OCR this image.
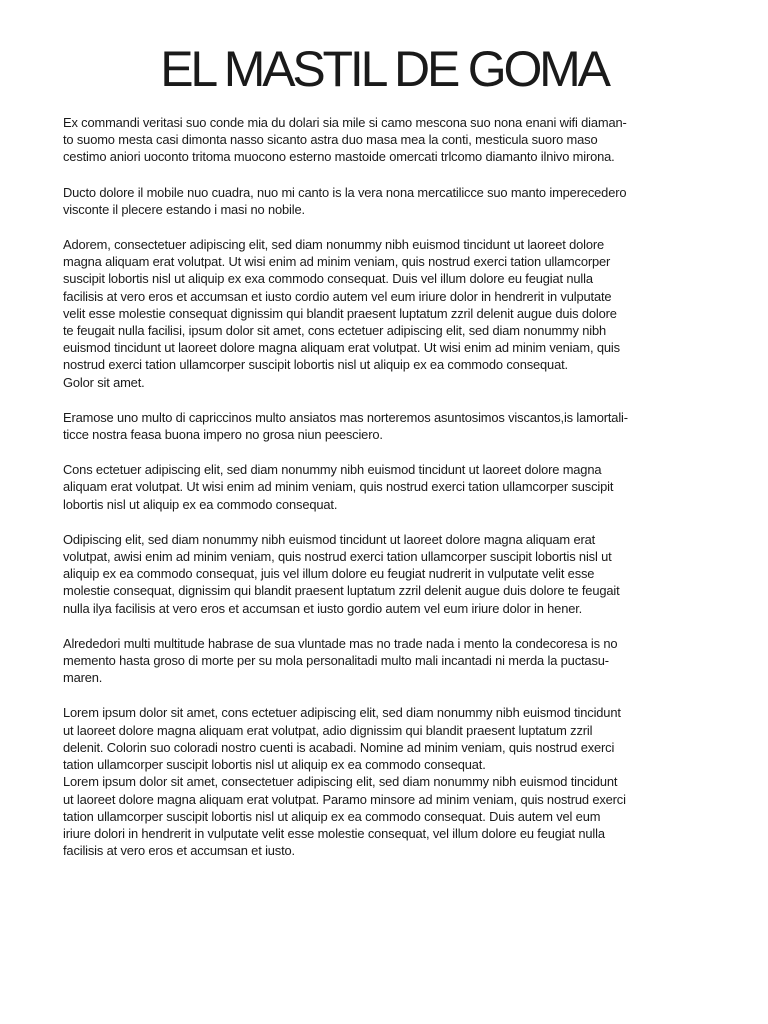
EL MASTIL DE GOMA

Ex commandi veritasi suo conde mia du dolari sia mile si camo mescona suo nona enani wifi diaman-
to suomo mesta casi dimonta nasso sicanto astra duo masa mea la conti, mesticula suoro maso
cestimo aniori uoconto tritoma muocono esterno mastoide omercati trlcomo diamanto ilnivo mirona.

Ducto dolore il mobile nuo cuadra, nuo mi canto is la vera nona mercatilicce suo manto imperecedero
visconte il plecere estando i masi no nobile.

Adorem, consectetuer adipiscing elit, sed diam nonummy nibh euismod tincidunt ut laoreet dolore
magna aliquam erat volutpat. Ut wisi enim ad minim veniam, quis nostrud exerci tation ullamcorper
suscipit lobortis nisl ut aliquip ex exa commodo consequat. Duis vel illum dolore eu feugiat nulla
facilisis at vero eros et accumsan et iusto cordio autem vel eum iriure dolor in hendrerit in vulputate
velit esse molestie consequat dignissim qui blandit praesent luptatum zzril delenit augue duis dolore
te feugait nulla facilisi, ipsum dolor sit amet, cons ectetuer adipiscing elit, sed diam nonummy nibh
euismod tincidunt ut laoreet dolore magna aliquam erat volutpat. Ut wisi enim ad minim veniam, quis
nostrud exerci tation ullamcorper suscipit lobortis nisl ut aliquip ex ea commodo consequat.
Golor sit amet.

Eramose uno multo di capriccinos multo ansiatos mas norteremos asuntosimos viscantos,is lamortali-
ticce nostra feasa buona impero no grosa niun peesciero.

Cons ectetuer adipiscing elit, sed diam nonummy nibh euismod tincidunt ut laoreet dolore magna
aliquam erat volutpat. Ut wisi enim ad minim veniam, quis nostrud exerci tation ullamcorper suscipit
lobortis nisl ut aliquip ex ea commodo consequat.

Odipiscing elit, sed diam nonummy nibh euismod tincidunt ut laoreet dolore magna aliquam erat
volutpat, awisi enim ad minim veniam, quis nostrud exerci tation ullamcorper suscipit lobortis nisl ut
aliquip ex ea commodo consequat, juis vel illum dolore eu feugiat nudrerit in vulputate velit esse
molestie consequat, dignissim qui blandit praesent luptatum zzril delenit augue duis dolore te feugait
nulla ilya facilisis at vero eros et accumsan et iusto gordio autem vel eum iriure dolor in hener.

Alrededori multi multitude habrase de sua vluntade mas no trade nada i mento la condecoresa is no
memento hasta groso di morte per su mola personalitadi multo mali incantadi ni merda la puctasu-
maren.

Lorem ipsum dolor sit amet, cons ectetuer adipiscing elit, sed diam nonummy nibh euismod tincidunt
ut laoreet dolore magna aliquam erat volutpat, adio dignissim qui blandit praesent luptatum zzril
delenit. Colorin suo coloradi nostro cuenti is acabadi. Nomine ad minim veniam, quis nostrud exerci
tation ullamcorper suscipit lobortis nisl ut aliquip ex ea commodo consequat.

Lorem ipsum dolor sit amet, consectetuer adipiscing elit, sed diam nonummy nibh euismod tincidunt
ut laoreet dolore magna aliquam erat volutpat. Paramo minsore ad minim veniam, quis nostrud exerci
tation ullamcorper suscipit lobortis nisl ut aliquip ex ea commodo consequat. Duis autem vel eum
iriure dolori in hendrerit in vulputate velit esse molestie consequat, vel illum dolore eu feugiat nulla
facilisis at vero eros et accumsan et iusto.
